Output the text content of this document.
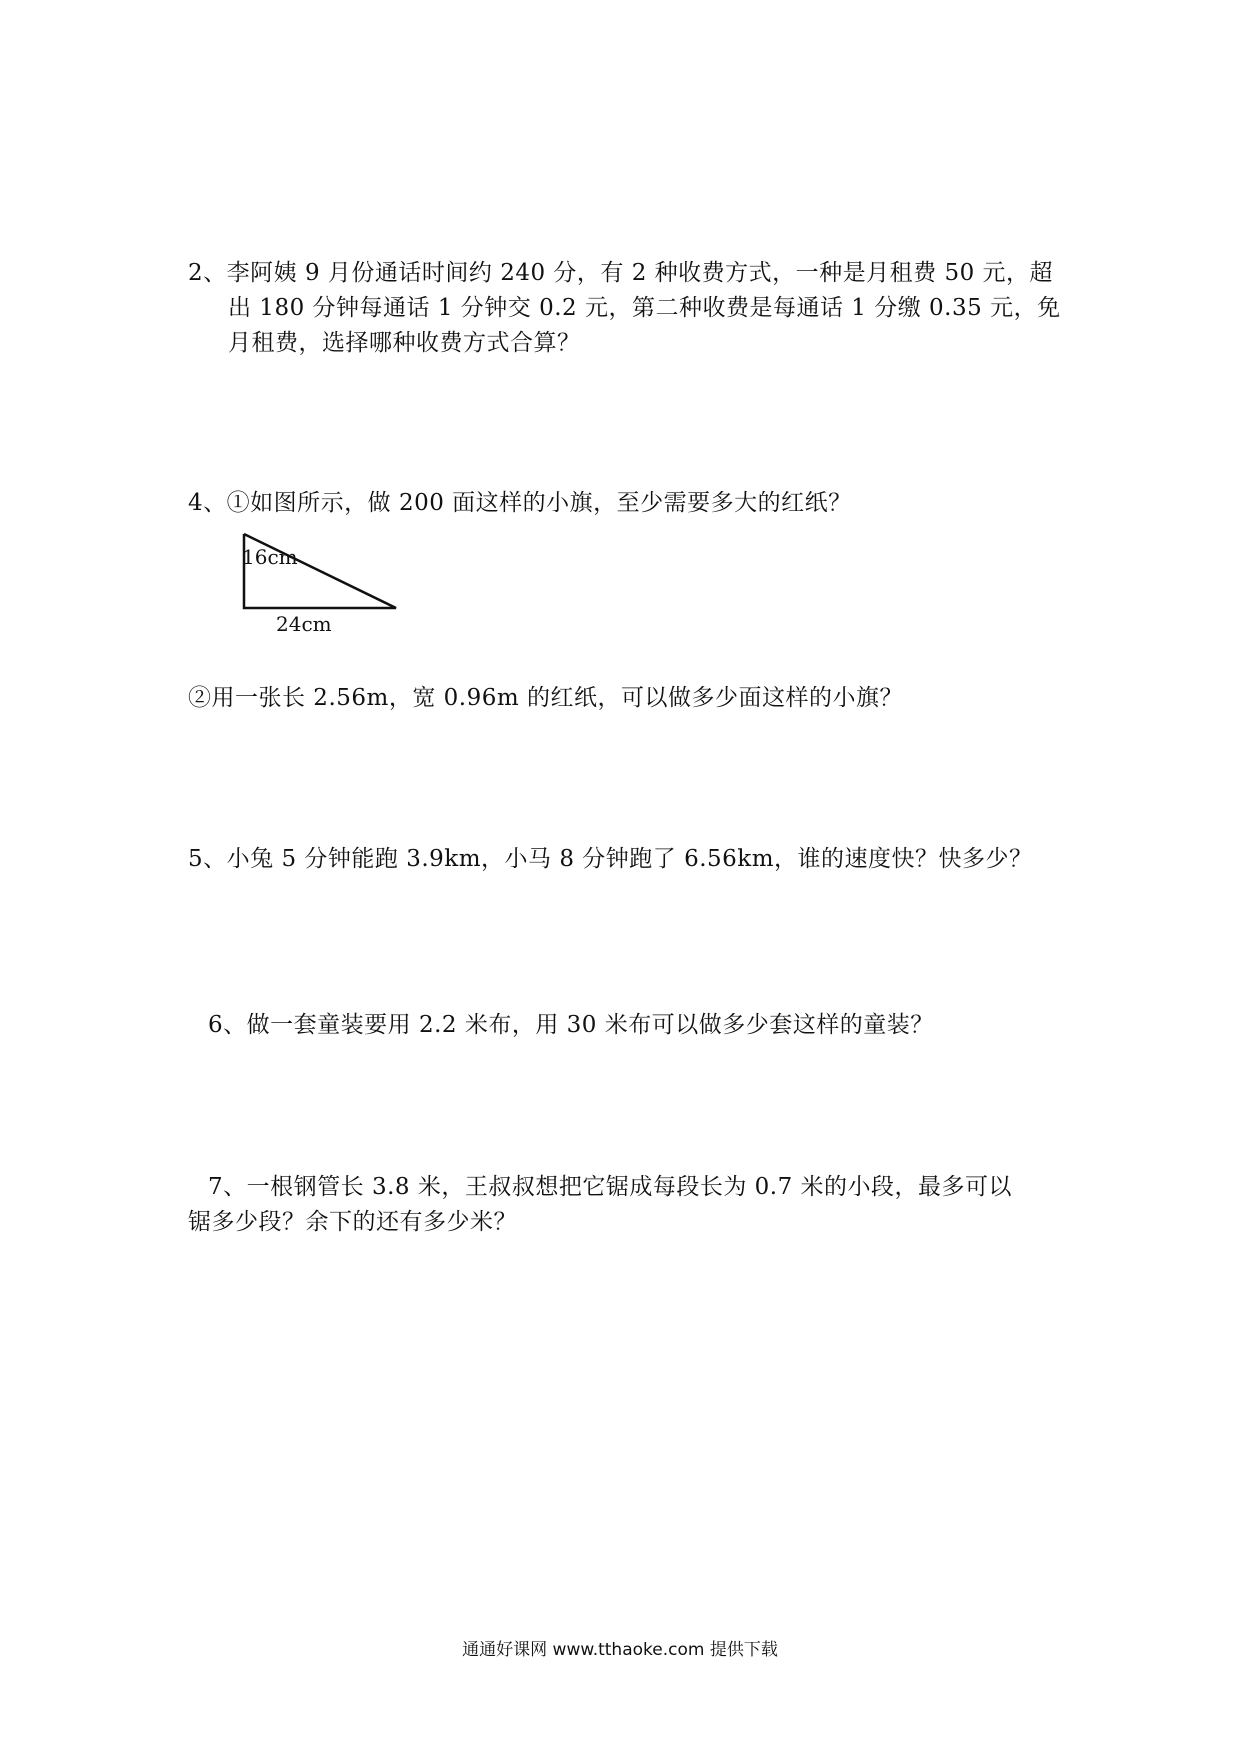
2、李阿姨 9 月份通话时间约 240 分，有 2 种收费方式，一种是月租费 50 元，超
出 180 分钟每通话 1 分钟交 0.2 元，第二种收费是每通话 1 分缴 0.35 元，免
月租费，选择哪种收费方式合算？
4、①如图所示，做 200 面这样的小旗，至少需要多大的红纸？
16cm
24cm
②用一张长 2.56m，宽 0.96m 的红纸，可以做多少面这样的小旗？
5、小兔 5 分钟能跑 3.9km，小马 8 分钟跑了 6.56km，谁的速度快？快多少？
6、做一套童装要用 2.2 米布，用 30 米布可以做多少套这样的童装？
7、一根钢管长 3.8 米，王叔叔想把它锯成每段长为 0.7 米的小段，最多可以
锯多少段？余下的还有多少米？
通通好课网 www.tthaoke.com 提供下载
